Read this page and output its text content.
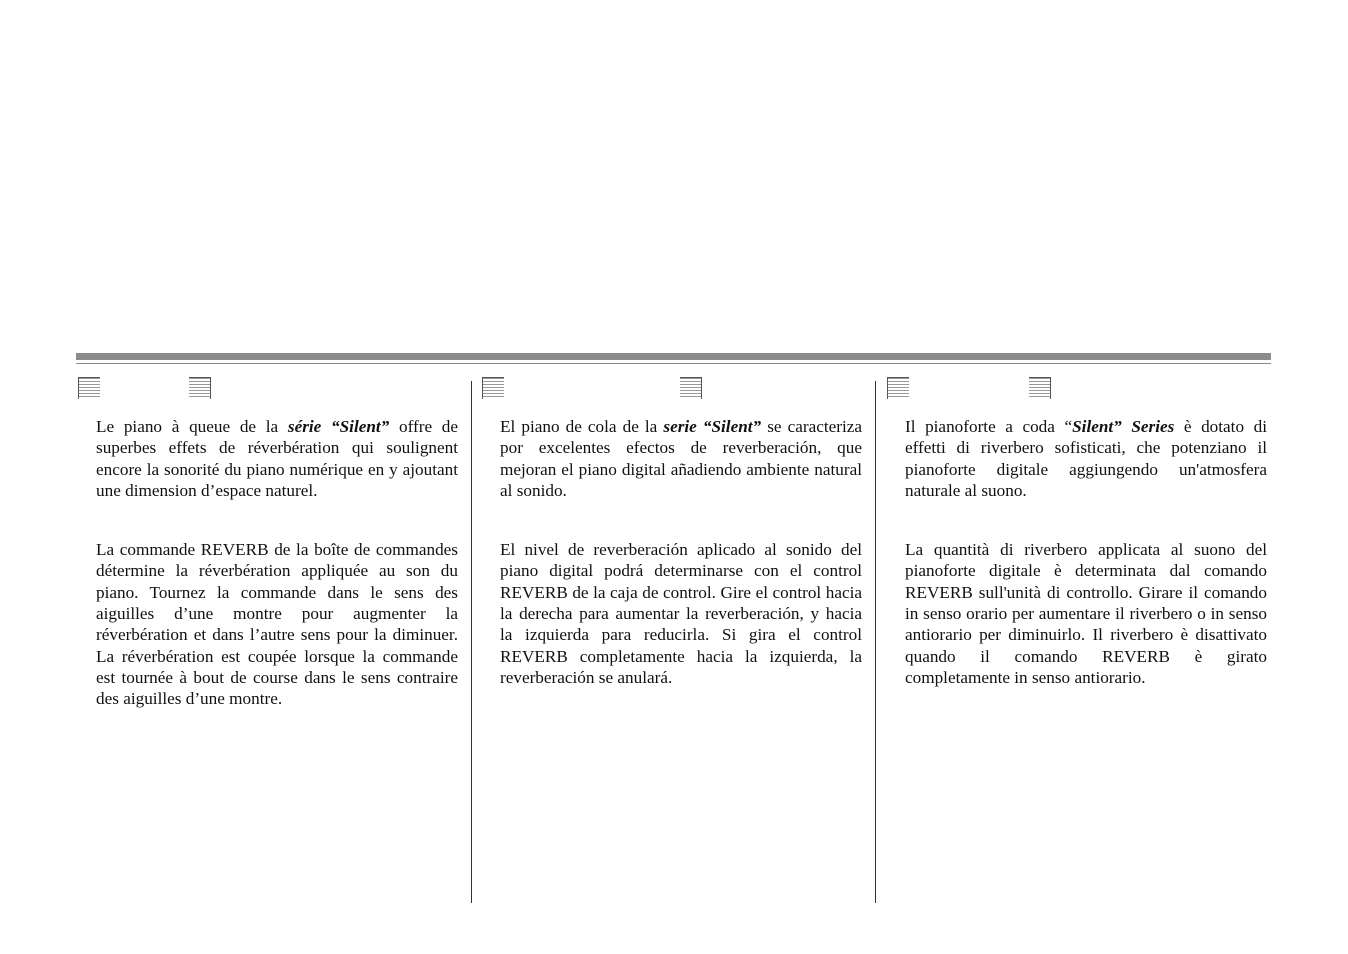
Le piano à queue de la série “Silent” offre de superbes effets de réverbération qui soulignent encore la sonorité du piano numérique en y ajoutant une dimension d’espace naturel.

La commande REVERB de la boîte de commandes détermine la réverbération appliquée au son du piano. Tournez la commande dans le sens des aiguilles d’une montre pour augmenter la réverbération et dans l’autre sens pour la diminuer. La réverbération est coupée lorsque la commande est tournée à bout de course dans le sens contraire des aiguilles d’une montre.

El piano de cola de la serie “Silent” se caracteriza por excelentes efectos de reverberación, que mejoran el piano digital añadiendo ambiente natural al sonido.

El nivel de reverberación aplicado al sonido del piano digital podrá determinarse con el control REVERB de la caja de control. Gire el control hacia la derecha para aumentar la reverberación, y hacia la izquierda para reducirla. Si gira el control REVERB completamente hacia la izquierda, la reverberación se anulará.

Il pianoforte a coda “Silent” Series è dotato di effetti di riverbero sofisticati, che potenziano il pianoforte digitale aggiungendo un'atmosfera naturale al suono.

La quantità di riverbero applicata al suono del pianoforte digitale è determinata dal comando REVERB sull'unità di controllo. Girare il comando in senso orario per aumentare il riverbero o in senso antiorario per diminuirlo. Il riverbero è disattivato quando il comando REVERB è girato completamente in senso antiorario.
